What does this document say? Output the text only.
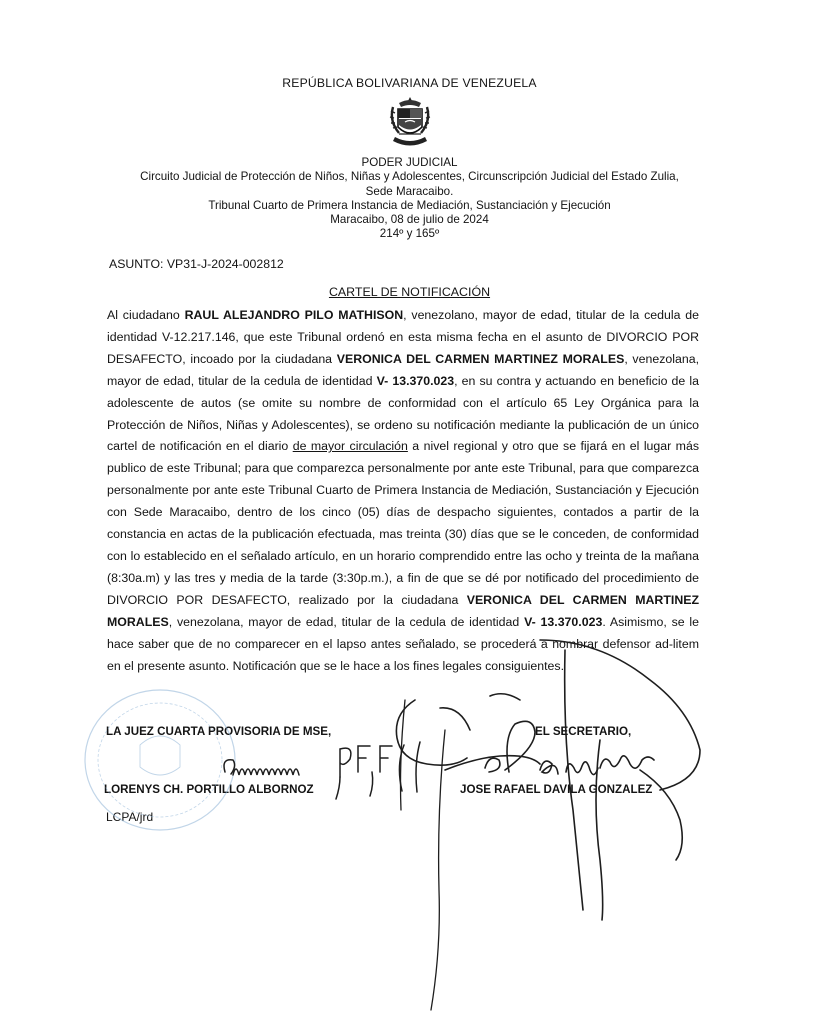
REPÚBLICA BOLIVARIANA DE VENEZUELA
PODER JUDICIAL
Circuito Judicial de Protección de Niños, Niñas y Adolescentes, Circunscripción Judicial del Estado Zulia,
Sede Maracaibo.
Tribunal Cuarto de Primera Instancia de Mediación, Sustanciación y Ejecución
Maracaibo, 08 de julio de 2024
214º y 165º
ASUNTO: VP31-J-2024-002812
CARTEL DE NOTIFICACIÓN
Al ciudadano RAUL ALEJANDRO PILO MATHISON, venezolano, mayor de edad, titular de la cedula de identidad V-12.217.146, que este Tribunal ordenó en esta misma fecha en el asunto de DIVORCIO POR DESAFECTO, incoado por la ciudadana VERONICA DEL CARMEN MARTINEZ MORALES, venezolana, mayor de edad, titular de la cedula de identidad V- 13.370.023, en su contra y actuando en beneficio de la adolescente de autos (se omite su nombre de conformidad con el artículo 65 Ley Orgánica para la Protección de Niños, Niñas y Adolescentes), se ordeno su notificación mediante la publicación de un único cartel de notificación en el diario de mayor circulación a nivel regional y otro que se fijará en el lugar más publico de este Tribunal; para que comparezca personalmente por ante este Tribunal, para que comparezca personalmente por ante este Tribunal Cuarto de Primera Instancia de Mediación, Sustanciación y Ejecución con Sede Maracaibo, dentro de los cinco (05) días de despacho siguientes, contados a partir de la constancia en actas de la publicación efectuada, mas treinta (30) días que se le conceden, de conformidad con lo establecido en el señalado artículo, en un horario comprendido entre las ocho y treinta de la mañana (8:30a.m) y las tres y media de la tarde (3:30p.m.), a fin de que se dé por notificado del procedimiento de DIVORCIO POR DESAFECTO, realizado por la ciudadana VERONICA DEL CARMEN MARTINEZ MORALES, venezolana, mayor de edad, titular de la cedula de identidad V- 13.370.023. Asimismo, se le hace saber que de no comparecer en el lapso antes señalado, se procederá a nombrar defensor ad-litem en el presente asunto. Notificación que se le hace a los fines legales consiguientes.
LA JUEZ CUARTA PROVISORIA DE MSE,	EL SECRETARIO,
LORENYS CH. PORTILLO ALBORNOZ	JOSE RAFAEL DAVILA GONZALEZ
LCPA/jrd
